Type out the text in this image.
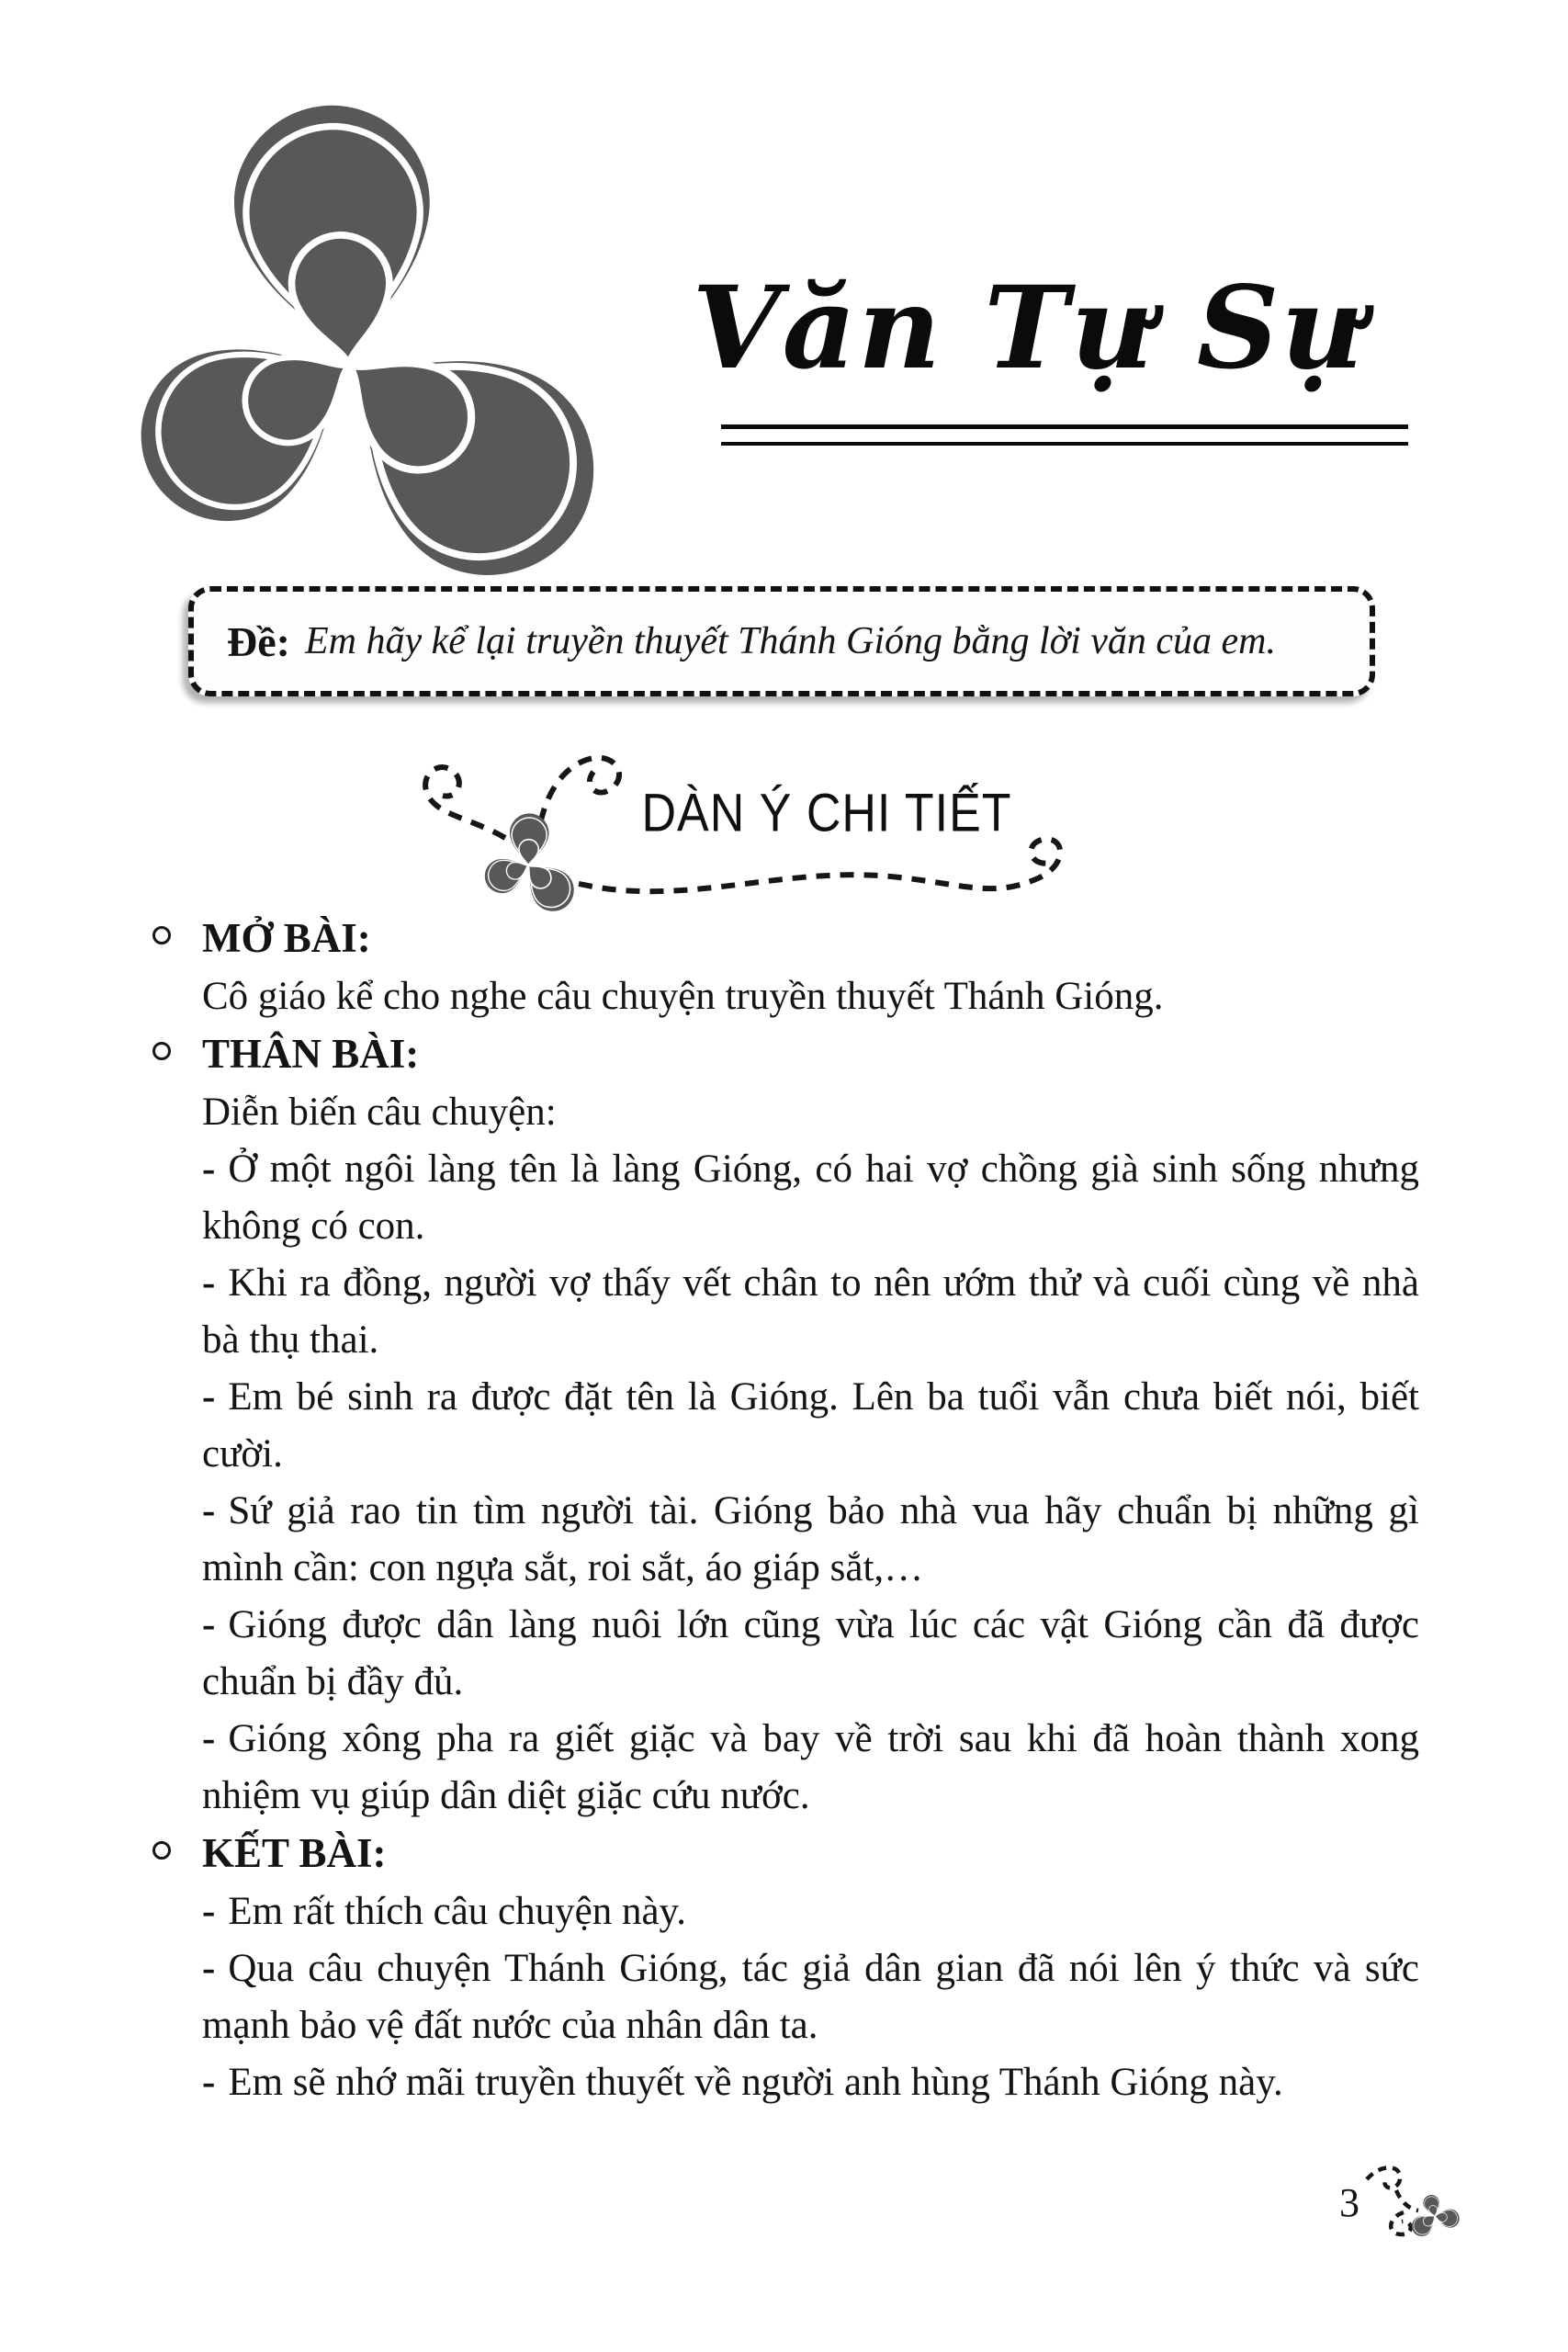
Văn Tự Sự
Đề: Em hãy kể lại truyền thuyết Thánh Gióng bằng lời văn của em.
DÀN Ý CHI TIẾT
MỞ BÀI:

Cô giáo kể cho nghe câu chuyện truyền thuyết Thánh Gióng.

THÂN BÀI:

Diễn biến câu chuyện:

- Ở một ngôi làng tên là làng Gióng, có hai vợ chồng già sinh sống nhưng không có con.

- Khi ra đồng, người vợ thấy vết chân to nên ướm thử và cuối cùng về nhà bà thụ thai.

- Em bé sinh ra được đặt tên là Gióng. Lên ba tuổi vẫn chưa biết nói, biết cười.

- Sứ giả rao tin tìm người tài. Gióng bảo nhà vua hãy chuẩn bị những gì mình cần: con ngựa sắt, roi sắt, áo giáp sắt,…

- Gióng được dân làng nuôi lớn cũng vừa lúc các vật Gióng cần đã được chuẩn bị đầy đủ.

- Gióng xông pha ra giết giặc và bay về trời sau khi đã hoàn thành xong nhiệm vụ giúp dân diệt giặc cứu nước.

KẾT BÀI:

- Em rất thích câu chuyện này.

- Qua câu chuyện Thánh Gióng, tác giả dân gian đã nói lên ý thức và sức mạnh bảo vệ đất nước của nhân dân ta.

- Em sẽ nhớ mãi truyền thuyết về người anh hùng Thánh Gióng này.

3
